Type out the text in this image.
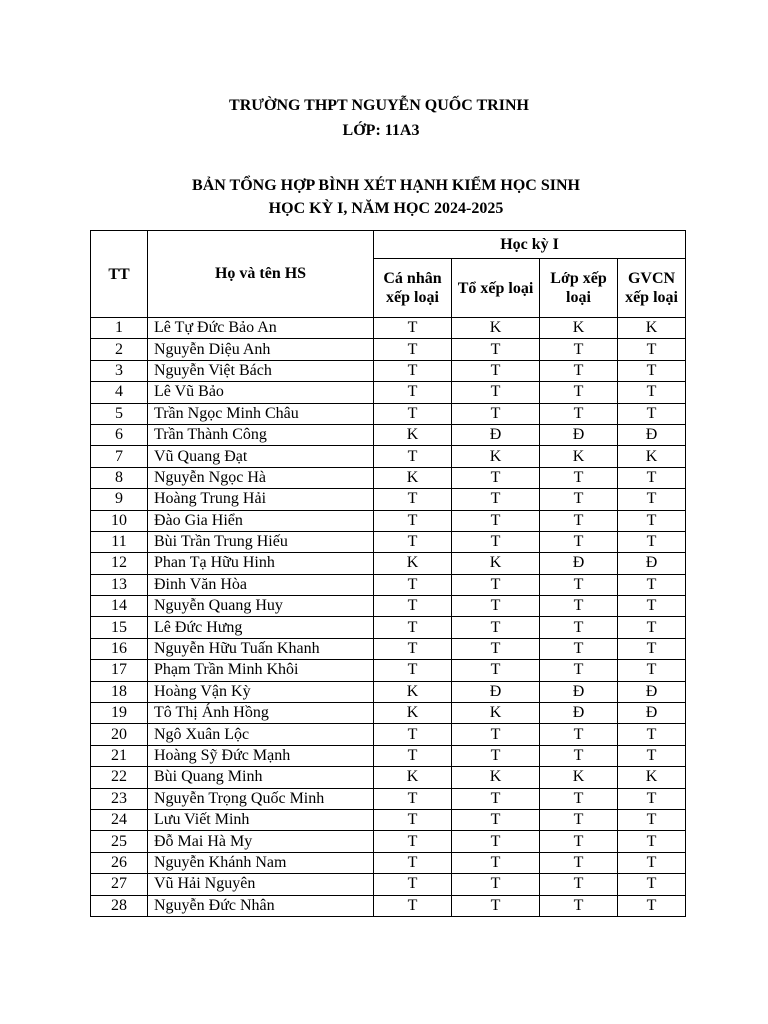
TRƯỜNG THPT NGUYỄN QUỐC TRINH
LỚP: 11A3
BẢN TỔNG HỢP BÌNH XÉT HẠNH KIỂM HỌC SINH
HỌC KỲ I, NĂM HỌC 2024-2025
TT	Họ và tên HS	Học kỳ I			
		Cá nhân xếp loại	Tổ xếp loại	Lớp xếp loại	GVCN xếp loại
1	Lê Tự Đức Bảo An	T	K	K	K
2	Nguyễn Diệu Anh	T	T	T	T
3	Nguyễn Việt Bách	T	T	T	T
4	Lê Vũ Bảo	T	T	T	T
5	Trần Ngọc Minh Châu	T	T	T	T
6	Trần Thành Công	K	Đ	Đ	Đ
7	Vũ Quang Đạt	T	K	K	K
8	Nguyễn Ngọc Hà	K	T	T	T
9	Hoàng Trung Hải	T	T	T	T
10	Đào Gia Hiển	T	T	T	T
11	Bùi Trần Trung Hiếu	T	T	T	T
12	Phan Tạ Hữu Hinh	K	K	Đ	Đ
13	Đinh Văn Hòa	T	T	T	T
14	Nguyễn Quang Huy	T	T	T	T
15	Lê Đức Hưng	T	T	T	T
16	Nguyễn Hữu Tuấn Khanh	T	T	T	T
17	Phạm Trần Minh Khôi	T	T	T	T
18	Hoàng Vận Kỳ	K	Đ	Đ	Đ
19	Tô Thị Ánh Hồng	K	K	Đ	Đ
20	Ngô Xuân Lộc	T	T	T	T
21	Hoàng Sỹ Đức Mạnh	T	T	T	T
22	Bùi Quang Minh	K	K	K	K
23	Nguyễn Trọng Quốc Minh	T	T	T	T
24	Lưu Viết Minh	T	T	T	T
25	Đỗ Mai Hà My	T	T	T	T
26	Nguyễn Khánh Nam	T	T	T	T
27	Vũ Hải Nguyên	T	T	T	T
28	Nguyễn Đức Nhân	T	T	T	T
